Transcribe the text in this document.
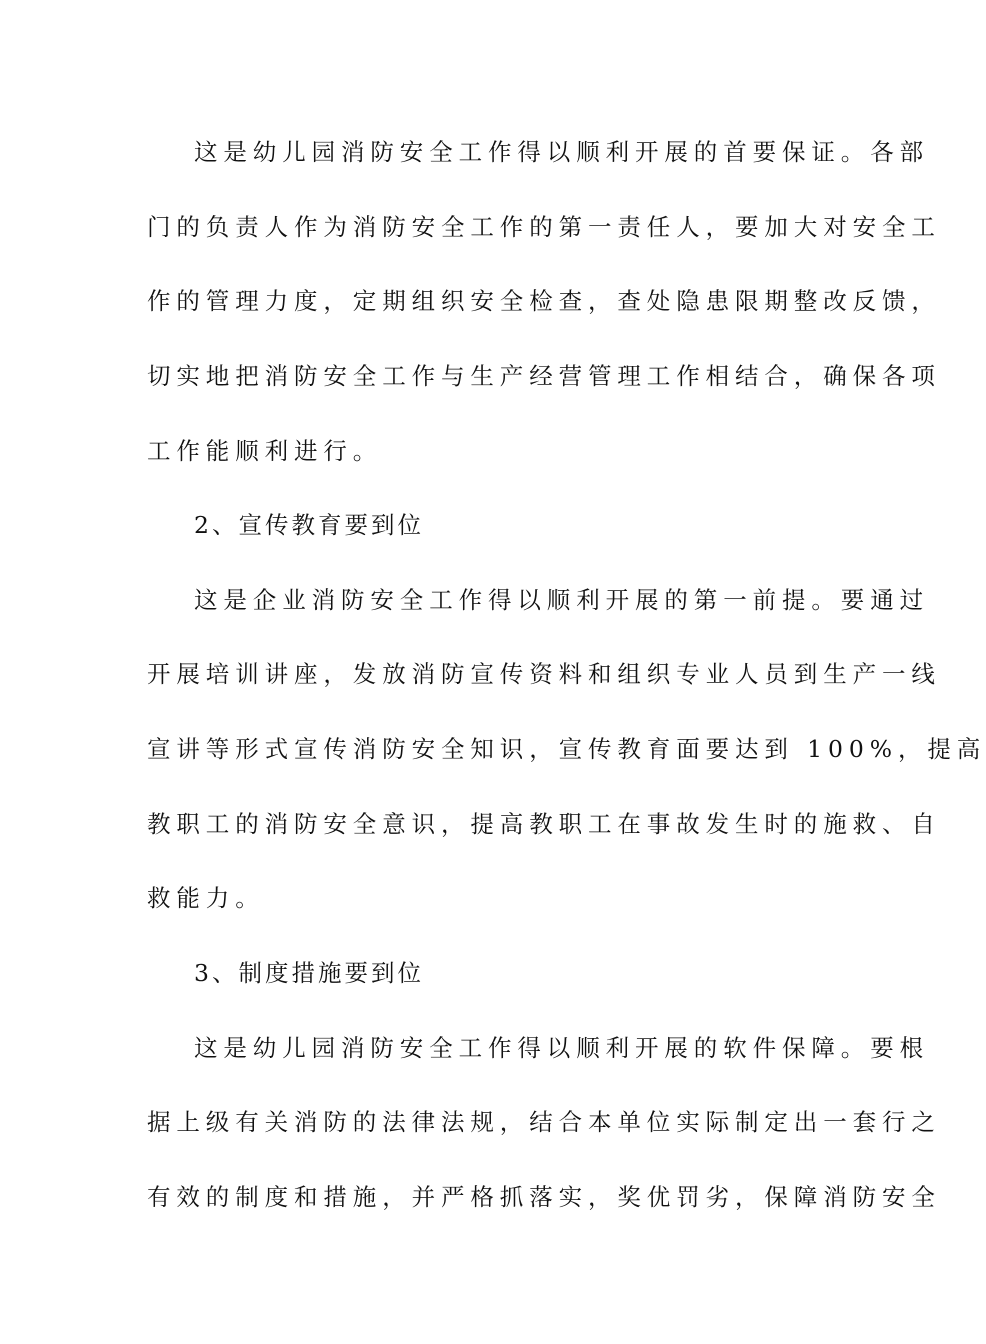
这是幼儿园消防安全工作得以顺利开展的首要保证。各部
门的负责人作为消防安全工作的第一责任人，要加大对安全工
作的管理力度，定期组织安全检查，查处隐患限期整改反馈，
切实地把消防安全工作与生产经营管理工作相结合，确保各项
工作能顺利进行。
2、宣传教育要到位
这是企业消防安全工作得以顺利开展的第一前提。要通过
开展培训讲座，发放消防宣传资料和组织专业人员到生产一线
宣讲等形式宣传消防安全知识，宣传教育面要达到 100%，提高
教职工的消防安全意识，提高教职工在事故发生时的施救、自
救能力。
3、制度措施要到位
这是幼儿园消防安全工作得以顺利开展的软件保障。要根
据上级有关消防的法律法规，结合本单位实际制定出一套行之
有效的制度和措施，并严格抓落实，奖优罚劣，保障消防安全
